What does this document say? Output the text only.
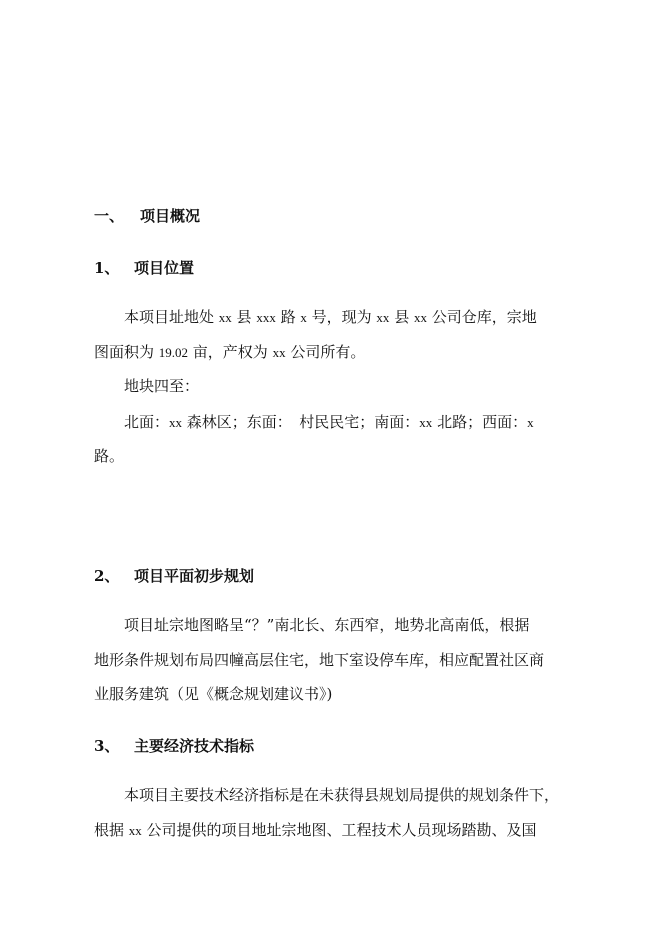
一、 项目概况
1、 项目位置
本项目址地处 xx 县 xxx 路 x 号，现为 xx 县 xx 公司仓库，宗地
图面积为 19.02 亩，产权为 xx 公司所有。
地块四至：
北面：xx 森林区；东面：　村民民宅；南面：xx 北路；西面：x
路。
2、 项目平面初步规划
项目址宗地图略呈“？”南北长、东西窄，地势北高南低，根据
地形条件规划布局四幢高层住宅，地下室设停车库，相应配置社区商
业服务建筑（见《概念规划建议书》)
3、 主要经济技术指标
本项目主要技术经济指标是在未获得县规划局提供的规划条件下，
根据 xx 公司提供的项目地址宗地图、工程技术人员现场踏勘、及国
